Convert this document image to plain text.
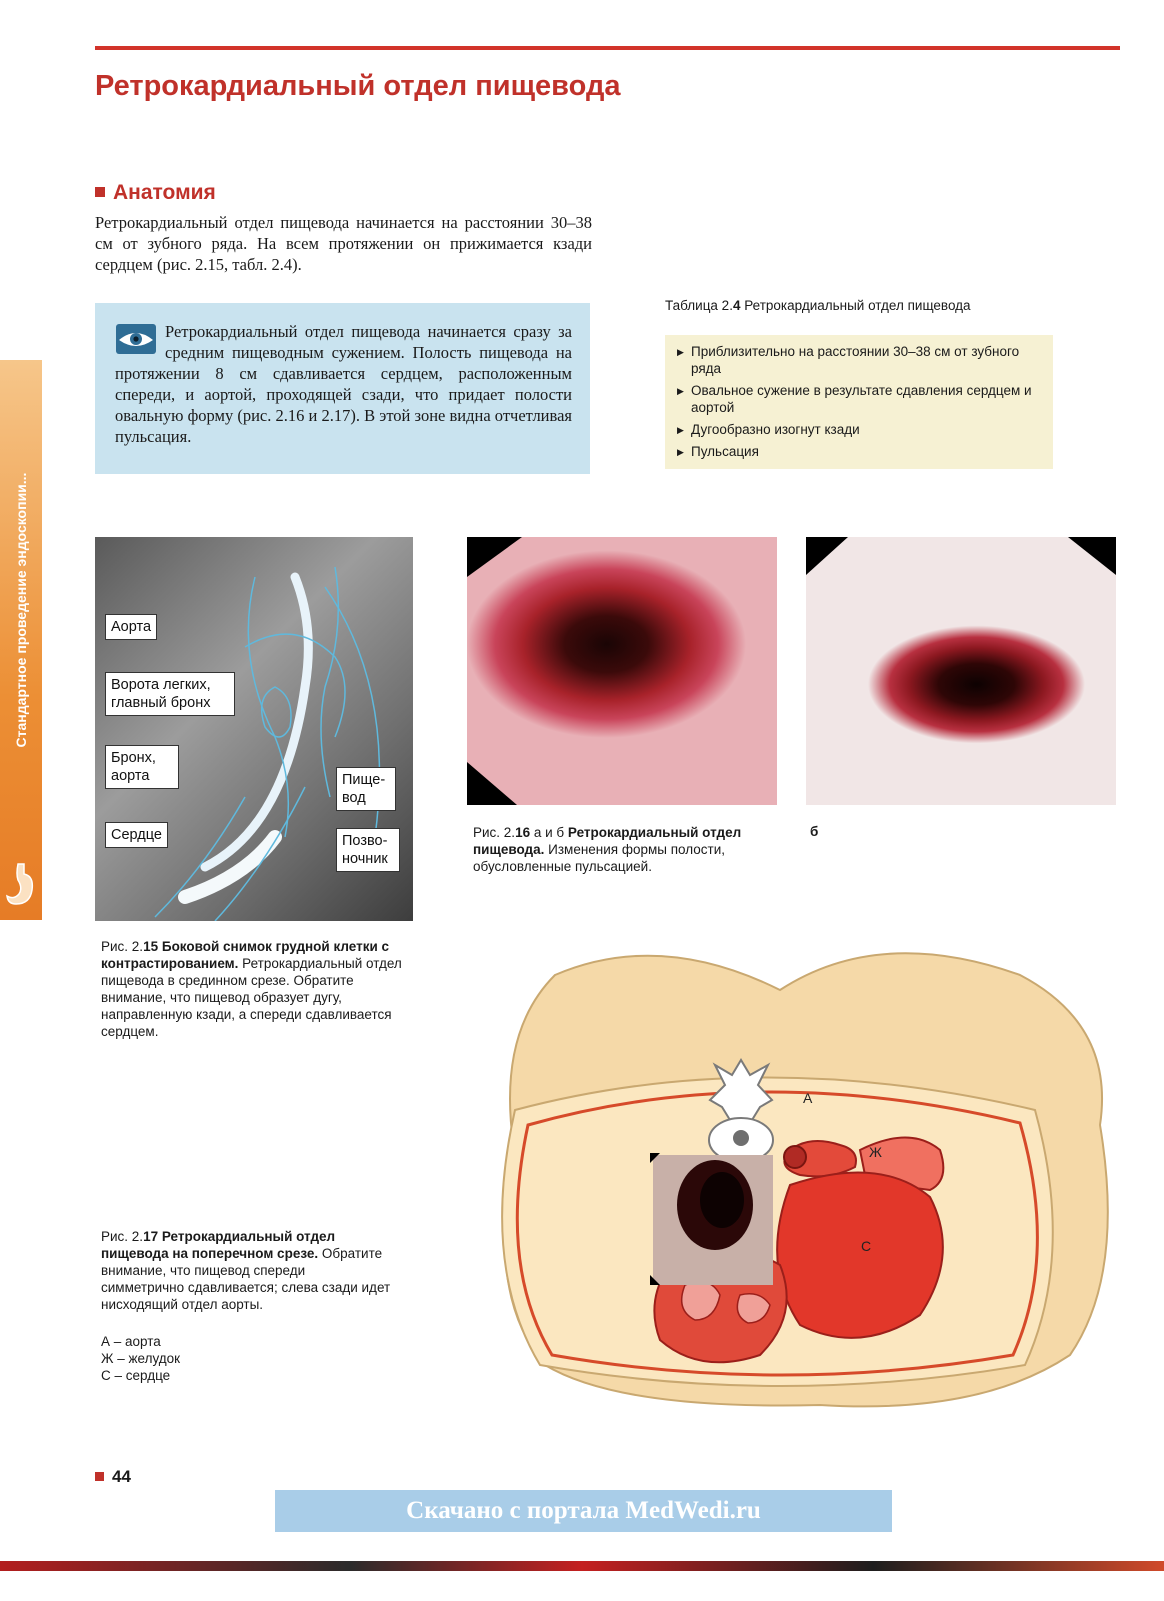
Ретрокардиальный отдел пищевода
Анатомия
Ретрокардиальный отдел пищевода начинается на расстоянии 30–38 см от зубного ряда. На всем протяжении он прижимается кзади сердцем (рис. 2.15, табл. 2.4).
Ретрокардиальный отдел пищевода начинается сразу за средним пищеводным сужением. Полость пищевода на протяжении 8 см сдавливается сердцем, расположенным спереди, и аортой, проходящей сзади, что придает полости овальную форму (рис. 2.16 и 2.17). В этой зоне видна отчетливая пульсация.
Таблица 2.4 Ретрокардиальный отдел пищевода
▶ Приблизительно на расстоянии 30–38 см от зубного ряда
▶ Овальное сужение в результате сдавления сердцем и аортой
▶ Дугообразно изогнут кзади
▶ Пульсация
Стандартное проведение эндоскопии...	Аорта
Ворота легких, главный бронх
Бронх, аорта
Сердце
Пище-вод
Позво-ночник
Рис. 2.16 а и б Ретрокардиальный отдел пищевода. Изменения формы полости, обусловленные пульсацией.
б
Рис. 2.15 Боковой снимок грудной клетки с контрастированием. Ретрокардиальный отдел пищевода в срединном срезе. Обратите внимание, что пищевод образует дугу, направленную кзади, а спереди сдавливается сердцем.
А
Ж
С
Рис. 2.17 Ретрокардиальный отдел пищевода на поперечном срезе. Обратите внимание, что пищевод спереди симметрично сдавливается; слева сзади идет нисходящий отдел аорты.
А – аорта
Ж – желудок
С – сердце
44
Скачано с портала MedWedi.ru
